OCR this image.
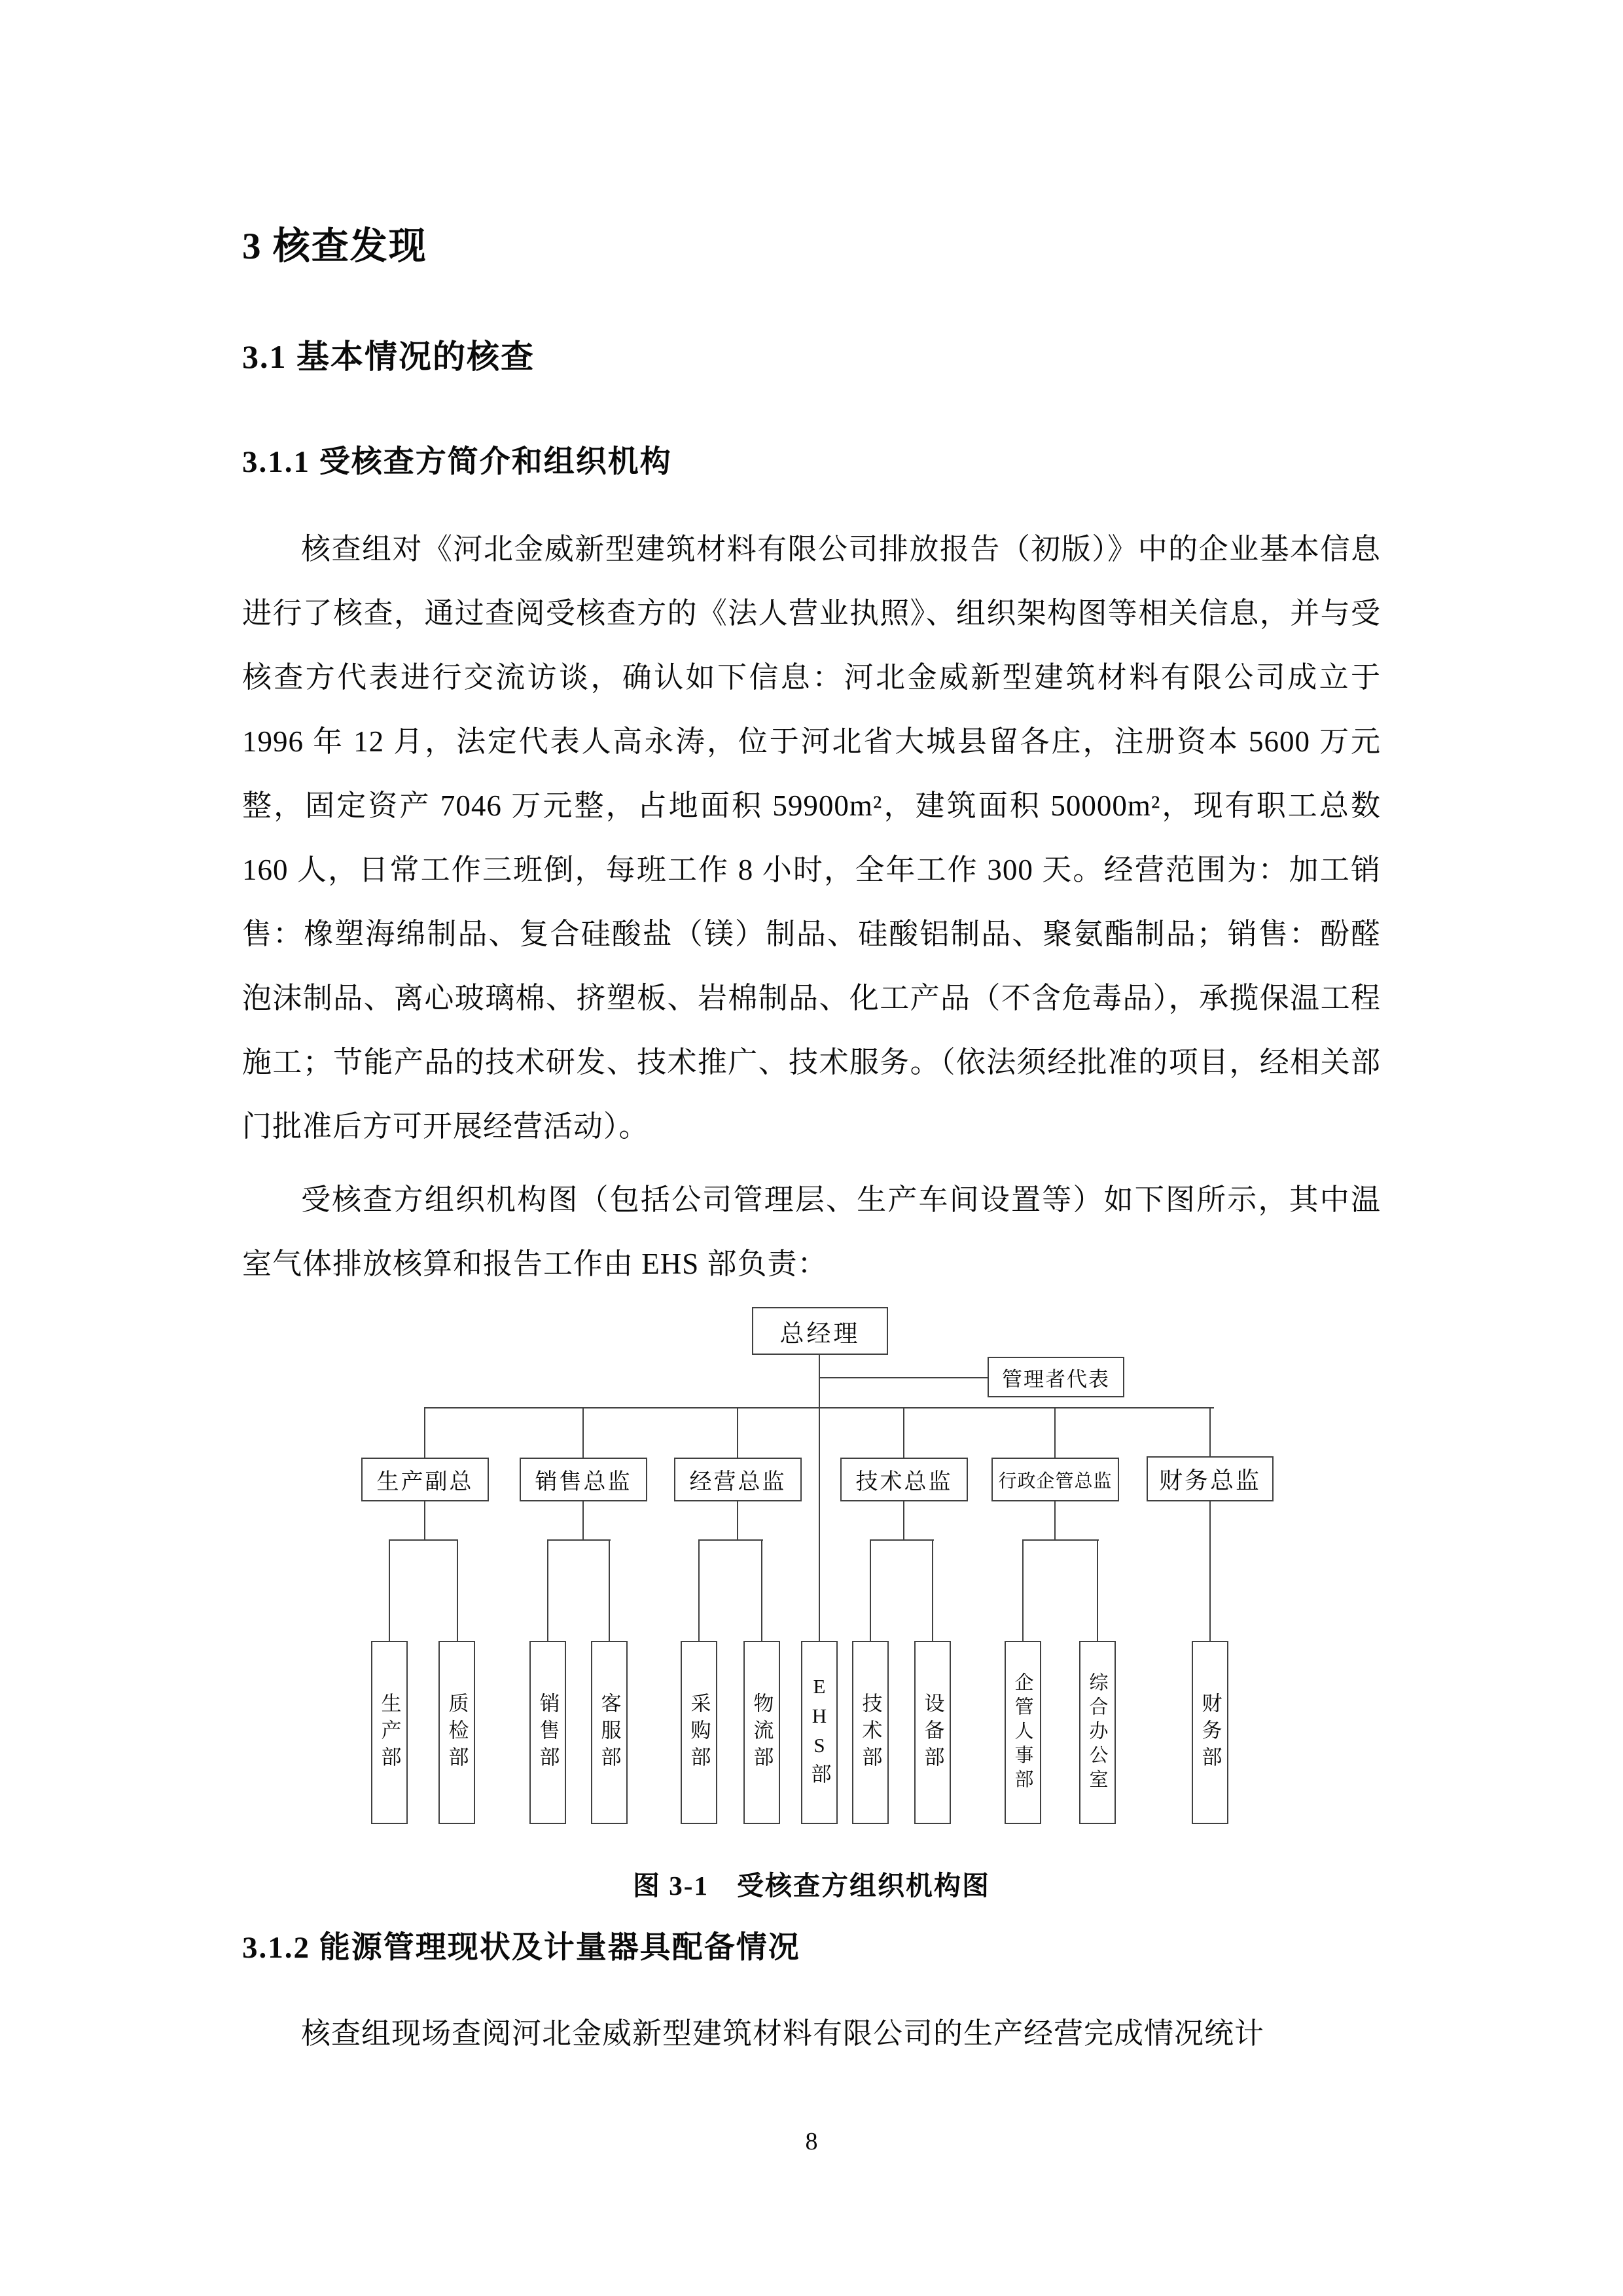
3 核查发现
3.1 基本情况的核查
3.1.1 受核查方简介和组织机构
核查组对《河北金威新型建筑材料有限公司排放报告（初版）》中的企业基本信息进行了核查，通过查阅受核查方的《法人营业执照》、组织架构图等相关信息，并与受核查方代表进行交流访谈，确认如下信息：河北金威新型建筑材料有限公司成立于 1996 年 12 月，法定代表人高永涛，位于河北省大城县留各庄，注册资本 5600 万元整，固定资产 7046 万元整，占地面积 59900m²，建筑面积 50000m²，现有职工总数 160 人，日常工作三班倒，每班工作 8 小时，全年工作 300 天。经营范围为：加工销售：橡塑海绵制品、复合硅酸盐（镁）制品、硅酸铝制品、聚氨酯制品；销售：酚醛泡沫制品、离心玻璃棉、挤塑板、岩棉制品、化工产品（不含危毒品），承揽保温工程施工；节能产品的技术研发、技术推广、技术服务。（依法须经批准的项目，经相关部门批准后方可开展经营活动）。
受核查方组织机构图（包括公司管理层、生产车间设置等）如下图所示，其中温室气体排放核算和报告工作由 EHS 部负责：
总经理
管理者代表
生产副总	销售总监	经营总监	技术总监 行政企管总监 财务总监
生产部 质检部	销售部 客服部	采购部 物流部 EHS部 技术部 设备部	企管人事部	综合办公室	财务部
图 3-1　受核查方组织机构图
3.1.2 能源管理现状及计量器具配备情况
核查组现场查阅河北金威新型建筑材料有限公司的生产经营完成情况统计
8
